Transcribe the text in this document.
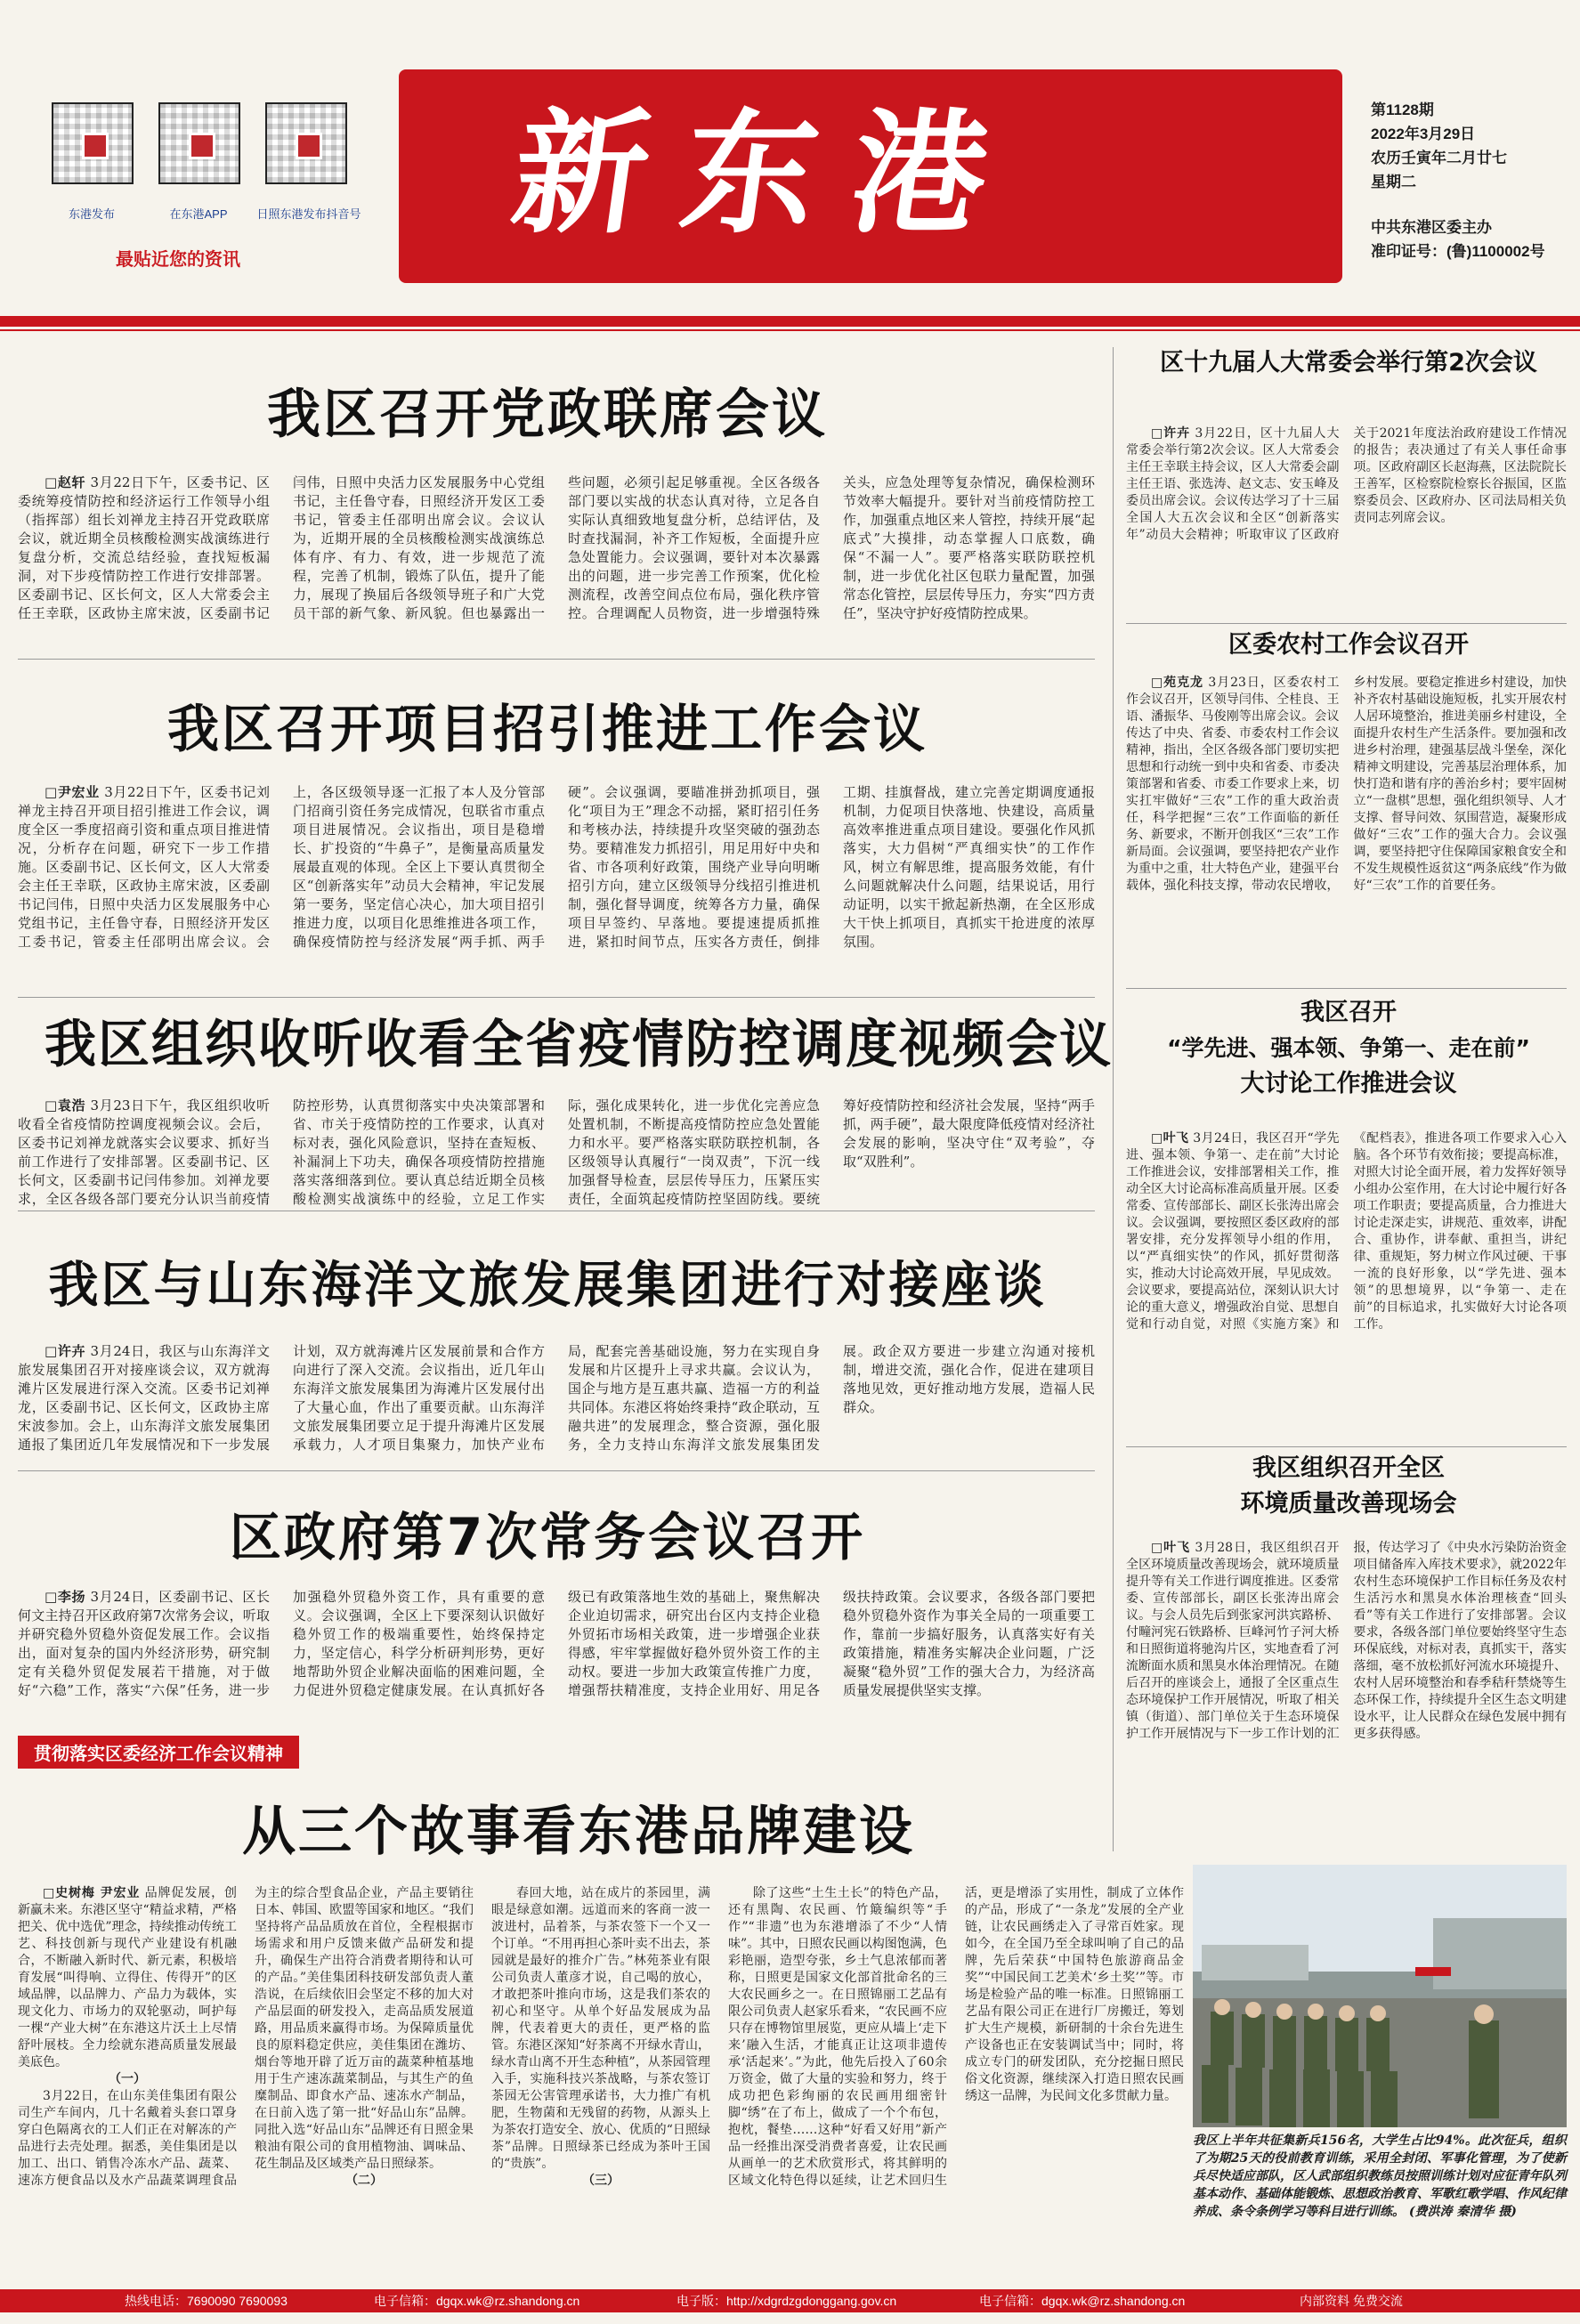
东港发布	在东港APP	日照东港发布抖音号
最贴近您的资讯
新东港	第1128期
2022年3月29日
农历壬寅年二月廿七
星期二
中共东港区委主办
准印证号：(鲁)1100002号
我区召开党政联席会议

□赵轩 3月22日下午，区委书记、区委统筹疫情防控和经济运行工作领导小组（指挥部）组长刘禅龙主持召开党政联席会议，就近期全员核酸检测实战演练进行复盘分析，交流总结经验，查找短板漏洞，对下步疫情防控工作进行安排部署。区委副书记、区长何文，区人大常委会主任王幸联，区政协主席宋波，区委副书记闫伟，日照中央活力区发展服务中心党组书记，主任鲁守春，日照经济开发区工委书记，管委主任邵明出席会议。会议认为，近期开展的全员核酸检测实战演练总体有序、有力、有效，进一步规范了流程，完善了机制，锻炼了队伍，提升了能力，展现了换届后各级领导班子和广大党员干部的新气象、新风貌。但也暴露出一些问题，必须引起足够重视。全区各级各部门要以实战的状态认真对待，立足各自实际认真细致地复盘分析，总结评估，及时查找漏洞，补齐工作短板，全面提升应急处置能力。会议强调，要针对本次暴露出的问题，进一步完善工作预案，优化检测流程，改善空间点位布局，强化秩序管控。合理调配人员物资，进一步增强特殊关头，应急处理等复杂情况，确保检测环节效率大幅提升。要针对当前疫情防控工作，加强重点地区来人管控，持续开展“起底式”大摸排，动态掌握人口底数，确保“不漏一人”。要严格落实联防联控机制，进一步优化社区包联力量配置，加强常态化管控，层层传导压力，夯实“四方责任”，坚决守护好疫情防控成果。

我区召开项目招引推进工作会议

□尹宏业 3月22日下午，区委书记刘禅龙主持召开项目招引推进工作会议，调度全区一季度招商引资和重点项目推进情况，分析存在问题，研究下一步工作措施。区委副书记、区长何文，区人大常委会主任王幸联，区政协主席宋波，区委副书记闫伟，日照中央活力区发展服务中心党组书记，主任鲁守春，日照经济开发区工委书记，管委主任邵明出席会议。会上，各区级领导逐一汇报了本人及分管部门招商引资任务完成情况，包联省市重点项目进展情况。会议指出，项目是稳增长、扩投资的“牛鼻子”，是衡量高质量发展最直观的体现。全区上下要认真贯彻全区“创新落实年”动员大会精神，牢记发展第一要务，坚定信心决心，加大项目招引推进力度，以项目化思维推进各项工作，确保疫情防控与经济发展“两手抓、两手硬”。会议强调，要瞄准拼劲抓项目，强化“项目为王”理念不动摇，紧盯招引任务和考核办法，持续提升攻坚突破的强劲态势。要精准发力抓招引，用足用好中央和省、市各项利好政策，围绕产业导向明晰招引方向，建立区级领导分线招引推进机制，强化督导调度，统筹各方力量，确保项目早签约、早落地。要提速提质抓推进，紧扣时间节点，压实各方责任，倒排工期、挂旗督战，建立完善定期调度通报机制，力促项目快落地、快建设，高质量高效率推进重点项目建设。要强化作风抓落实，大力倡树“严真细实快”的工作作风，树立有解思维，提高服务效能，有什么问题就解决什么问题，结果说话，用行动证明，以实干掀起新热潮，在全区形成大干快上抓项目，真抓实干抢进度的浓厚氛围。

我区组织收听收看全省疫情防控调度视频会议

□袁浩 3月23日下午，我区组织收听收看全省疫情防控调度视频会议。会后，区委书记刘禅龙就落实会议要求、抓好当前工作进行了安排部署。区委副书记、区长何文，区委副书记闫伟参加。刘禅龙要求，全区各级各部门要充分认识当前疫情防控形势，认真贯彻落实中央决策部署和省、市关于疫情防控的工作要求，认真对标对表，强化风险意识，坚持在查短板、补漏洞上下功夫，确保各项疫情防控措施落实落细落到位。要认真总结近期全员核酸检测实战演练中的经验，立足工作实际，强化成果转化，进一步优化完善应急处置机制，不断提高疫情防控应急处置能力和水平。要严格落实联防联控机制，各区级领导认真履行“一岗双责”，下沉一线加强督导检查，层层传导压力，压紧压实责任，全面筑起疫情防控坚固防线。要统筹好疫情防控和经济社会发展，坚持“两手抓，两手硬”，最大限度降低疫情对经济社会发展的影响，坚决守住“双考验”，夺取“双胜利”。

我区与山东海洋文旅发展集团进行对接座谈

□许卉 3月24日，我区与山东海洋文旅发展集团召开对接座谈会议，双方就海滩片区发展进行深入交流。区委书记刘禅龙，区委副书记、区长何文，区政协主席宋波参加。会上，山东海洋文旅发展集团通报了集团近几年发展情况和下一步发展计划，双方就海滩片区发展前景和合作方向进行了深入交流。会议指出，近几年山东海洋文旅发展集团为海滩片区发展付出了大量心血，作出了重要贡献。山东海洋文旅发展集团要立足于提升海滩片区发展承载力，人才项目集聚力，加快产业布局，配套完善基础设施，努力在实现自身发展和片区提升上寻求共赢。会议认为，国企与地方是互惠共赢、造福一方的利益共同体。东港区将始终秉持“政企联动，互融共进”的发展理念，整合资源，强化服务，全力支持山东海洋文旅发展集团发展。政企双方要进一步建立沟通对接机制，增进交流，强化合作，促进在建项目落地见效，更好推动地方发展，造福人民群众。

区政府第7次常务会议召开

□李扬 3月24日，区委副书记、区长何文主持召开区政府第7次常务会议，听取并研究稳外贸稳外资促发展工作。会议指出，面对复杂的国内外经济形势，研究制定有关稳外贸促发展若干措施，对于做好“六稳”工作，落实“六保”任务，进一步加强稳外贸稳外资工作，具有重要的意义。会议强调，全区上下要深刻认识做好稳外贸工作的极端重要性，始终保持定力，坚定信心，科学分析研判形势，更好地帮助外贸企业解决面临的困难问题，全力促进外贸稳定健康发展。在认真抓好各级已有政策落地生效的基础上，聚焦解决企业迫切需求，研究出台区内支持企业稳外贸拓市场相关政策，进一步增强企业获得感，牢牢掌握做好稳外贸外资工作的主动权。要进一步加大政策宣传推广力度，增强帮扶精准度，支持企业用好、用足各级扶持政策。会议要求，各级各部门要把稳外贸稳外资作为事关全局的一项重要工作，靠前一步搞好服务，认真落实好有关政策措施，精准务实解决企业问题，广泛凝聚“稳外贸”工作的强大合力，为经济高质量发展提供坚实支撑。

贯彻落实区委经济工作会议精神
从三个故事看东港品牌建设

□史树梅 尹宏业 品牌促发展，创新赢未来。东港区坚守“精益求精，严格把关、优中选优”理念，持续推动传统工艺、科技创新与现代产业建设有机融合，不断融入新时代、新元素，积极培育发展“叫得响、立得住、传得开”的区域品牌，以品牌力、产品力为载体，实现文化力、市场力的双轮驱动，呵护每一棵“产业大树”在东港这片沃土上尽情舒叶展枝。全力绘就东港高质量发展最美底色。

（一）

3月22日，在山东美佳集团有限公司生产车间内，几十名戴着头套口罩身穿白色隔离衣的工人们正在对解冻的产品进行去壳处理。据悉，美佳集团是以加工、出口、销售冷冻水产品、蔬菜、速冻方便食品以及水产品蔬菜调理食品为主的综合型食品企业，产品主要销往日本、韩国、欧盟等国家和地区。“我们坚持将产品品质放在首位，全程根据市场需求和用户反馈来做产品研发和提升，确保生产出符合消费者期待和认可的产品。”美佳集团科技研发部负责人董浩说，在后续依旧会坚定不移的加大对产品层面的研发投入，走高品质发展道路，用品质来赢得市场。为保障质量优良的原料稳定供应，美佳集团在潍坊、烟台等地开辟了近万亩的蔬菜种植基地用于生产速冻蔬菜制品，与其生产的鱼糜制品、即食水产品、速冻水产制品，在日前入选了第一批“好品山东”品牌。同批入选“好品山东”品牌还有日照金果粮油有限公司的食用植物油、调味品、花生制品及区域类产品日照绿茶。

（二）

春回大地，站在成片的茶园里，满眼是绿意如潮。远道而来的客商一波一波进村，品着茶，与茶农签下一个又一个订单。“不用再担心茶叶卖不出去，茶园就是最好的推介广告。”林苑茶业有限公司负责人董彦才说，自己喝的放心，才敢把茶叶推向市场，这是我们茶农的初心和坚守。从单个好品发展成为品牌，代表着更大的责任，更严格的监管。东港区深知“好茶离不开绿水青山，绿水青山离不开生态种植”，从茶园管理入手，实施科技兴茶战略，与茶农签订茶园无公害管理承诺书，大力推广有机肥，生物菌和无残留的药物，从源头上为茶农打造安全、放心、优质的“日照绿茶”品牌。日照绿茶已经成为茶叶王国的“贵族”。

（三）

除了这些“土生土长”的特色产品，还有黑陶、农民画、竹簸编织等“手作”“非遗”也为东港增添了不少“人情味”。其中，日照农民画以构图饱满，色彩艳丽，造型夸张，乡土气息浓郁而著称，日照更是国家文化部首批命名的三大农民画乡之一。在日照锦丽工艺品有限公司负责人赵家乐看来，“农民画不应只存在博物馆里展览，更应从墙上‘走下来’融入生活，才能真正让这项非遗传承‘活起来’。”为此，他先后投入了60余万资金，做了大量的实验和努力，终于成功把色彩绚丽的农民画用细密针脚“绣”在了布上，做成了一个个布包，抱枕，餐垫……这种“好看又好用”新产品一经推出深受消费者喜爱，让农民画从画单一的艺术欣赏形式，将其鲜明的区域文化特色得以延续，让艺术回归生活，更是增添了实用性，制成了立体作的产品，形成了“一条龙”发展的全产业链，让农民画绣走入了寻常百姓家。现如今，在全国乃至全球叫响了自己的品牌，先后荣获“中国特色旅游商品金奖”“中国民间工艺美术‘乡土奖’”等。市场是检验产品的唯一标准。日照锦丽工艺品有限公司正在进行厂房搬迁，筹划扩大生产规模，新研制的十余台先进生产设备也正在安装调试当中；同时，将成立专门的研发团队，充分挖掘日照民俗文化资源，继续深入打造日照农民画绣这一品牌，为民间文化多贯献力量。

区十九届人大常委会举行第2次会议

□许卉 3月22日，区十九届人大常委会举行第2次会议。区人大常委会主任王幸联主持会议，区人大常委会副主任王语、张选涛、赵文志、安玉峰及委员出席会议。会议传达学习了十三届全国人大五次会议和全区“创新落实年”动员大会精神；听取审议了区政府关于2021年度法治政府建设工作情况的报告；表决通过了有关人事任命事项。区政府副区长赵海燕，区法院院长王善军，区检察院检察长谷振国，区监察委员会、区政府办、区司法局相关负责同志列席会议。

区委农村工作会议召开

□苑克龙 3月23日，区委农村工作会议召开，区领导闫伟、仝桂良、王语、潘振华、马俊刚等出席会议。会议传达了中央、省委、市委农村工作会议精神，指出，全区各级各部门要切实把思想和行动统一到中央和省委、市委决策部署和省委、市委工作要求上来，切实扛牢做好“三农”工作的重大政治责任，科学把握“三农”工作面临的新任务、新要求，不断开创我区“三农”工作新局面。会议强调，要坚持把农产业作为重中之重，壮大特色产业，建强平台载体，强化科技支撑，带动农民增收，乡村发展。要稳定推进乡村建设，加快补齐农村基础设施短板，扎实开展农村人居环境整治，推进美丽乡村建设，全面提升农村生产生活条件。要加强和改进乡村治理，建强基层战斗堡垒，深化精神文明建设，完善基层治理体系，加快打造和谐有序的善治乡村；要牢固树立“一盘棋”思想，强化组织领导、人才支撑、督导问效、氛围营造，凝聚形成做好“三农”工作的强大合力。会议强调，要坚持把守住保障国家粮食安全和不发生规模性返贫这“两条底线”作为做好“三农”工作的首要任务。

我区召开
“学先进、强本领、争第一、走在前”
大讨论工作推进会议

□叶飞 3月24日，我区召开“学先进、强本领、争第一、走在前”大讨论工作推进会议，安排部署相关工作，推动全区大讨论高标准高质量开展。区委常委、宣传部部长、副区长张涛出席会议。会议强调，要按照区委区政府的部署安排，充分发挥领导小组的作用，以“严真细实快”的作风，抓好贯彻落实，推动大讨论高效开展，早见成效。会议要求，要提高站位，深刻认识大讨论的重大意义，增强政治自觉、思想自觉和行动自觉，对照《实施方案》和《配档表》，推进各项工作要求入心入脑。各个环节有效衔接；要提高标准，对照大讨论全面开展，着力发挥好领导小组办公室作用，在大讨论中履行好各项工作职责；要提高质量，合力推进大讨论走深走实，讲规范、重效率，讲配合、重协作，讲奉献、重担当，讲纪律、重规矩，努力树立作风过硬、干事一流的良好形象，以“学先进、强本领”的思想境界，以“争第一、走在前”的目标追求，扎实做好大讨论各项工作。

我区组织召开全区
环境质量改善现场会

□叶飞 3月28日，我区组织召开全区环境质量改善现场会，就环境质量提升等有关工作进行调度推进。区委常委、宣传部部长，副区长张涛出席会议。与会人员先后到张家河洪宾路桥、付疃河宪石铁路桥、巨峰河竹子河大桥和日照街道将驰沟片区，实地查看了河流断面水质和黑臭水体治理情况。在随后召开的座谈会上，通报了全区重点生态环境保护工作开展情况，听取了相关镇（街道）、部门单位关于生态环境保护工作开展情况与下一步工作计划的汇报，传达学习了《中央水污染防治资金项目储备库入库技术要求》，就2022年农村生态环境保护工作目标任务及农村生活污水和黑臭水体治理核查“回头看”等有关工作进行了安排部署。会议要求，各级各部门单位要始终坚守生态环保底线，对标对表，真抓实干，落实落细，毫不放松抓好河流水环境提升、农村人居环境整治和春季秸秆禁烧等生态环保工作，持续提升全区生态文明建设水平，让人民群众在绿色发展中拥有更多获得感。

我区上半年共征集新兵156名，大学生占比94%。此次征兵，组织了为期25天的役前教育训练，采用全封闭、军事化管理，为了使新兵尽快适应部队，区人武部组织教练员按照训练计划对应征青年队列基本动作、基础体能锻炼、思想政治教育、军歌红歌学唱、作风纪律养成、条令条例学习等科目进行训练。 (费洪涛 秦清华 摄)
热线电话：7690090 7690093	电子信箱：dgqx.wk@rz.shandong.cn	电子版：http://xdgrdzgdonggang.gov.cn	电子信箱：dgqx.wk@rz.shandong.cn	内部资料 免费交流
